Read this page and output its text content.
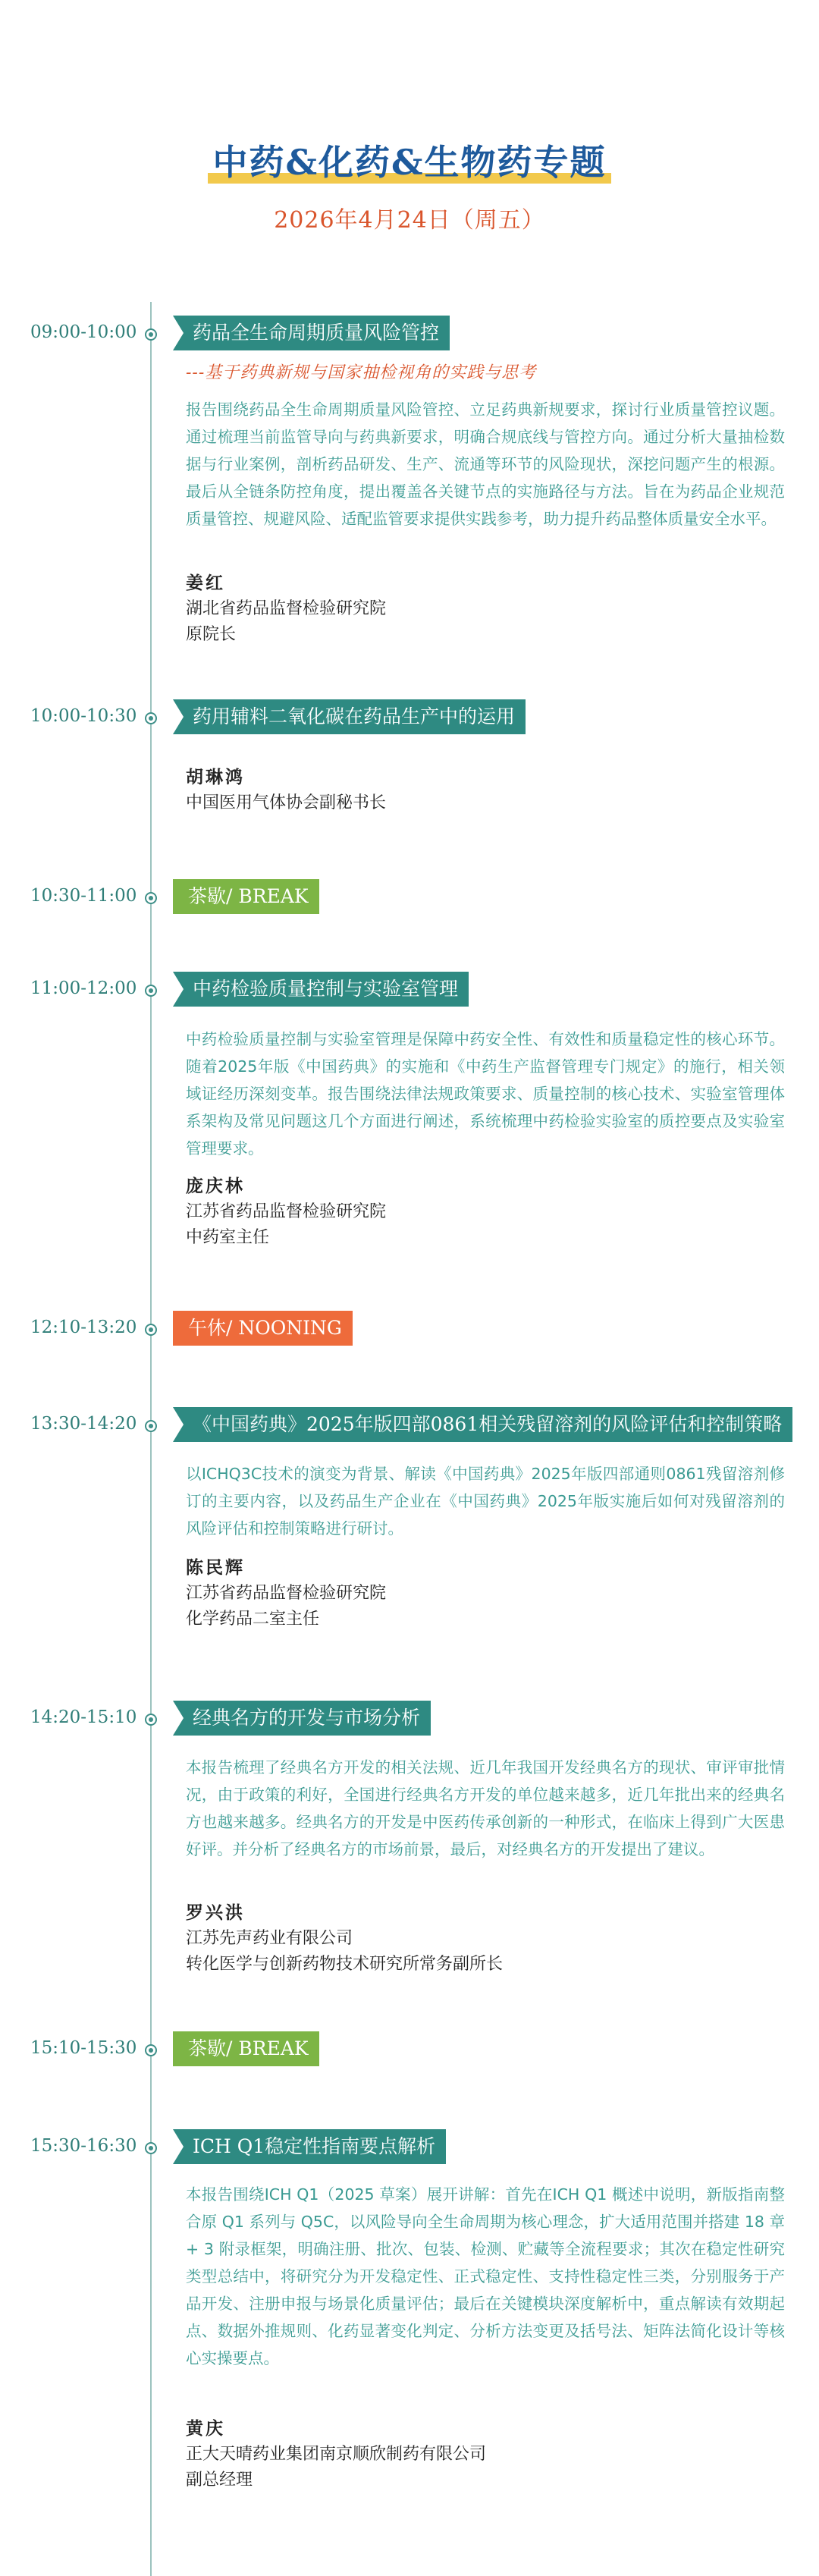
中药&化药&生物药专题
2026年4月24日（周五）
09:00-10:00	药品全生命周期质量风险管控
---基于药典新规与国家抽检视角的实践与思考

报告围绕药品全生命周期质量风险管控、立足药典新规要求，探讨行业质量管控议题。通过梳理当前监管导向与药典新要求，明确合规底线与管控方向。通过分析大量抽检数据与行业案例，剖析药品研发、生产、流通等环节的风险现状，深挖问题产生的根源。最后从全链条防控角度，提出覆盖各关键节点的实施路径与方法。旨在为药品企业规范质量管控、规避风险、适配监管要求提供实践参考，助力提升药品整体质量安全水平。

姜红
湖北省药品监督检验研究院
原院长
10:00-10:30	药用辅料二氧化碳在药品生产中的运用
胡琳鸿
中国医用气体协会副秘书长
10:30-11:00	茶歇/ BREAK
11:00-12:00	中药检验质量控制与实验室管理

中药检验质量控制与实验室管理是保障中药安全性、有效性和质量稳定性的核心环节。随着2025年版《中国药典》的实施和《中药生产监督管理专门规定》的施行，相关领域证经历深刻变革。报告围绕法律法规政策要求、质量控制的核心技术、实验室管理体系架构及常见问题这几个方面进行阐述，系统梳理中药检验实验室的质控要点及实验室管理要求。

庞庆林
江苏省药品监督检验研究院
中药室主任
12:10-13:20	午休/ NOONING
13:30-14:20	《中国药典》2025年版四部0861相关残留溶剂的风险评估和控制策略

以ICHQ3C技术的演变为背景、解读《中国药典》2025年版四部通则0861残留溶剂修订的主要内容，以及药品生产企业在《中国药典》2025年版实施后如何对残留溶剂的风险评估和控制策略进行研讨。

陈民辉
江苏省药品监督检验研究院
化学药品二室主任
14:20-15:10	经典名方的开发与市场分析

本报告梳理了经典名方开发的相关法规、近几年我国开发经典名方的现状、审评审批情况，由于政策的利好，全国进行经典名方开发的单位越来越多，近几年批出来的经典名方也越来越多。经典名方的开发是中医药传承创新的一种形式，在临床上得到广大医患好评。并分析了经典名方的市场前景，最后，对经典名方的开发提出了建议。

罗兴洪
江苏先声药业有限公司
转化医学与创新药物技术研究所常务副所长
15:10-15:30	茶歇/ BREAK
15:30-16:30	ICH Q1稳定性指南要点解析

本报告围绕ICH Q1（2025 草案）展开讲解：首先在ICH Q1 概述中说明，新版指南整合原 Q1 系列与 Q5C，以风险导向全生命周期为核心理念，扩大适用范围并搭建 18 章 + 3 附录框架，明确注册、批次、包装、检测、贮藏等全流程要求；其次在稳定性研究类型总结中，将研究分为开发稳定性、正式稳定性、支持性稳定性三类，分别服务于产品开发、注册申报与场景化质量评估；最后在关键模块深度解析中，重点解读有效期起点、数据外推规则、化药显著变化判定、分析方法变更及括号法、矩阵法简化设计等核心实操要点。

黄庆
正大天晴药业集团南京顺欣制药有限公司
副总经理
